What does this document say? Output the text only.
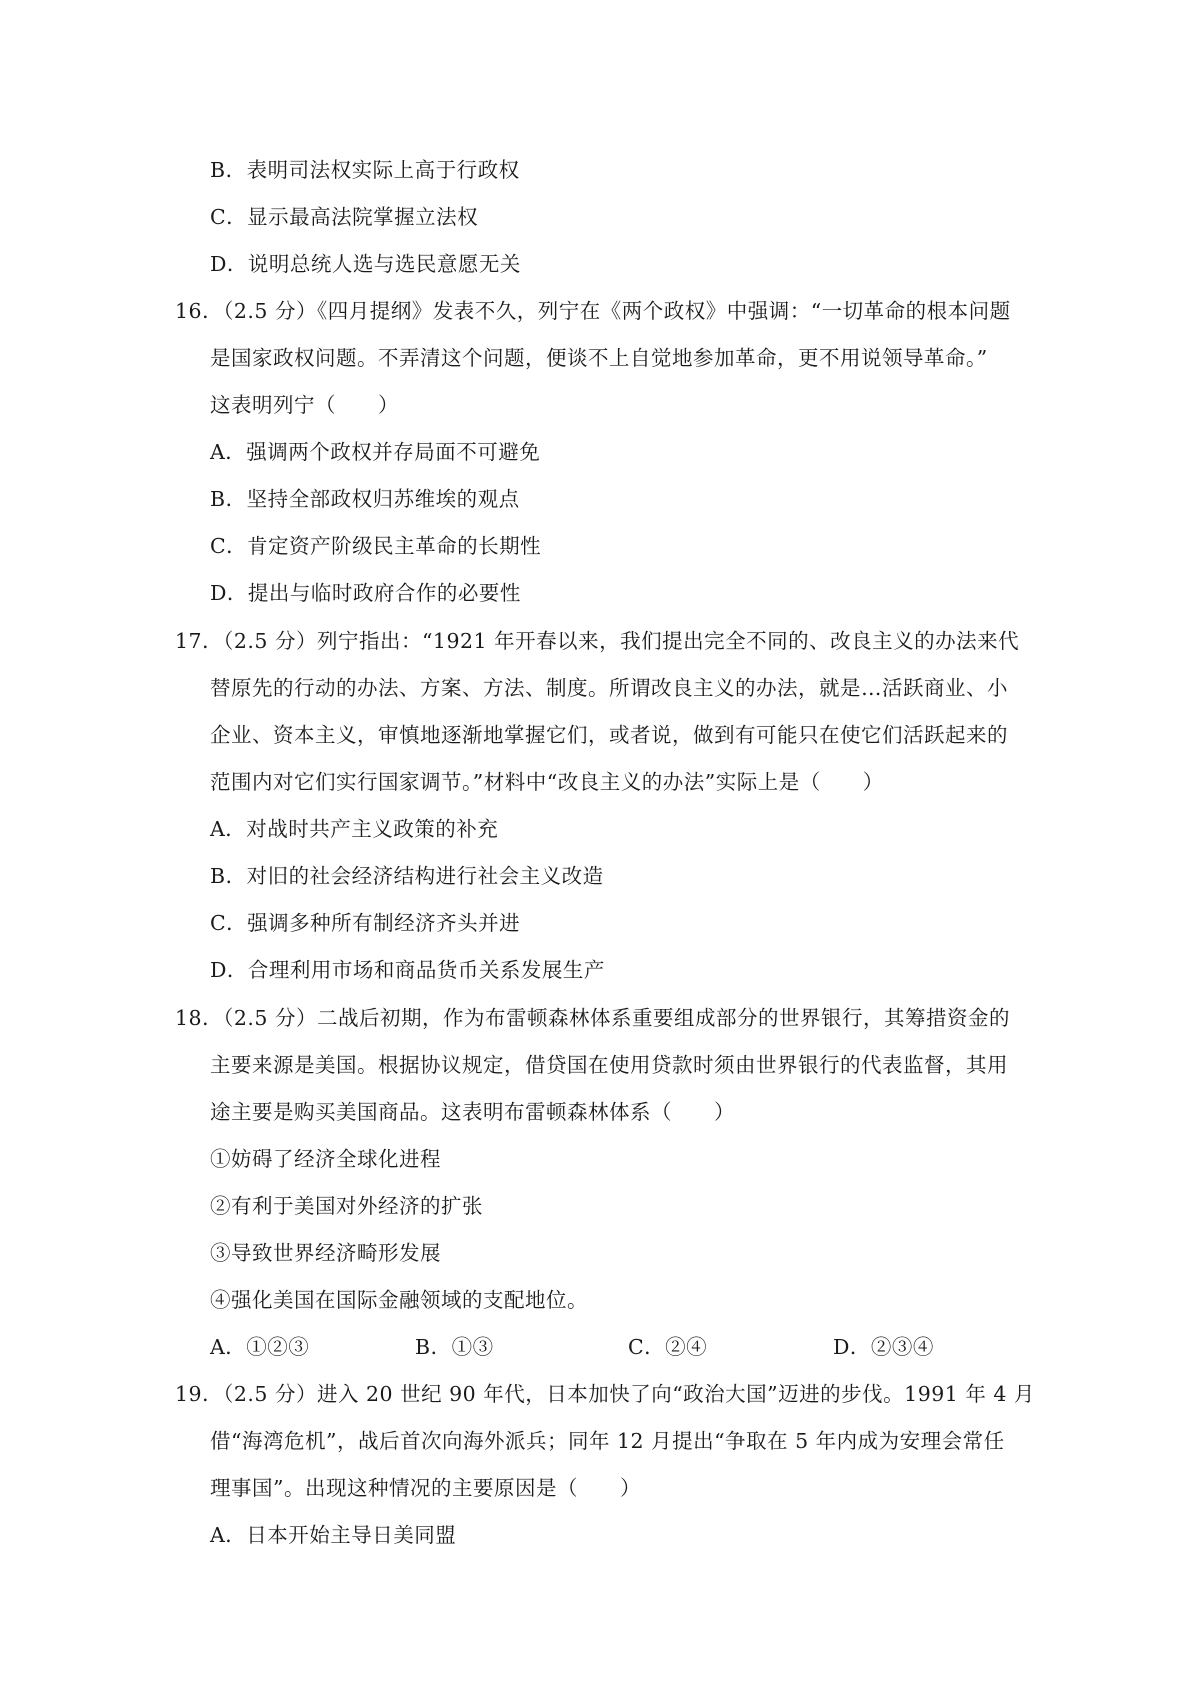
B．表明司法权实际上高于行政权
C．显示最高法院掌握立法权
D．说明总统人选与选民意愿无关
16．（2.5 分）《四月提纲》发表不久，列宁在《两个政权》中强调：“一切革命的根本问题
是国家政权问题。不弄清这个问题，便谈不上自觉地参加革命，更不用说领导革命。”
这表明列宁（　　）
A．强调两个政权并存局面不可避免
B．坚持全部政权归苏维埃的观点
C．肯定资产阶级民主革命的长期性
D．提出与临时政府合作的必要性
17．（2.5 分）列宁指出：“1921 年开春以来，我们提出完全不同的、改良主义的办法来代
替原先的行动的办法、方案、方法、制度。所谓改良主义的办法，就是…活跃商业、小
企业、资本主义，审慎地逐渐地掌握它们，或者说，做到有可能只在使它们活跃起来的
范围内对它们实行国家调节。”材料中“改良主义的办法”实际上是（　　）
A．对战时共产主义政策的补充
B．对旧的社会经济结构进行社会主义改造
C．强调多种所有制经济齐头并进
D．合理利用市场和商品货币关系发展生产
18．（2.5 分）二战后初期，作为布雷顿森林体系重要组成部分的世界银行，其筹措资金的
主要来源是美国。根据协议规定，借贷国在使用贷款时须由世界银行的代表监督，其用
途主要是购买美国商品。这表明布雷顿森林体系（　　）
①妨碍了经济全球化进程
②有利于美国对外经济的扩张
③导致世界经济畸形发展
④强化美国在国际金融领域的支配地位。
A．①②③	B．①③	C．②④	D．②③④
19．（2.5 分）进入 20 世纪 90 年代，日本加快了向“政治大国”迈进的步伐。1991 年 4 月
借“海湾危机”，战后首次向海外派兵；同年 12 月提出“争取在 5 年内成为安理会常任
理事国”。出现这种情况的主要原因是（　　）
A．日本开始主导日美同盟
